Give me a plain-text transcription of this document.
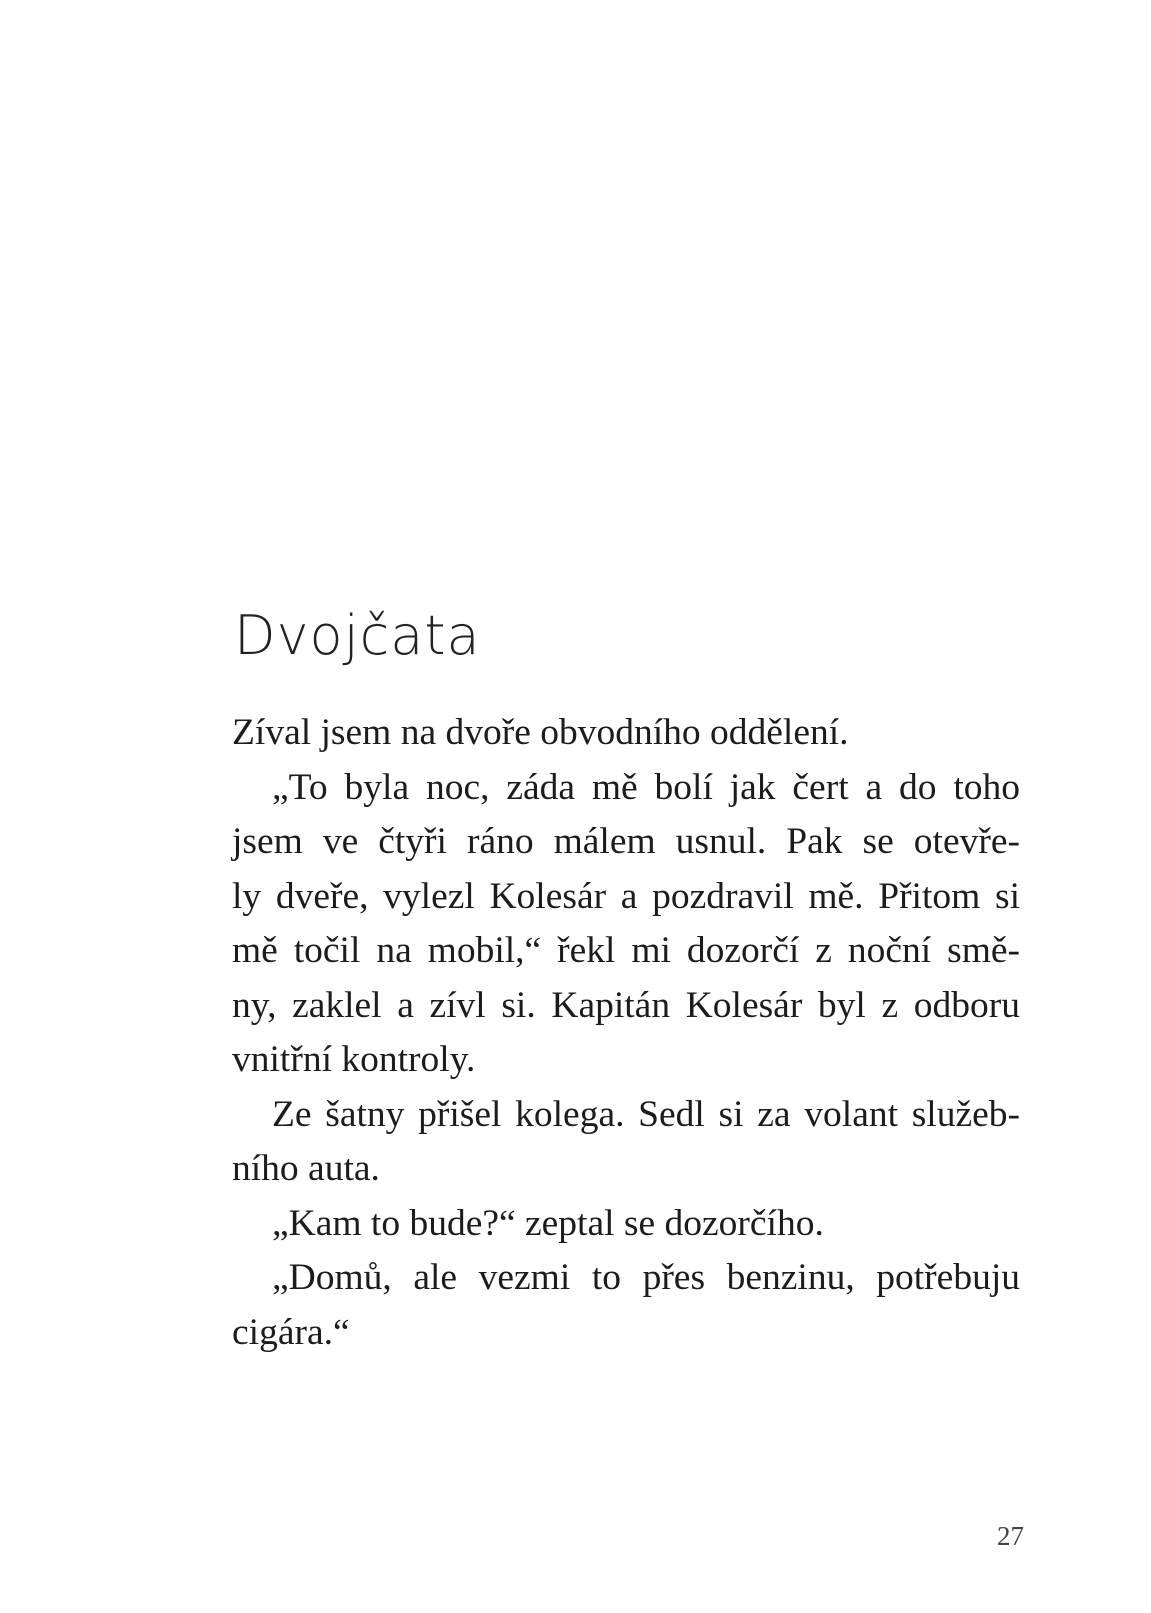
Dvojčata
Zíval jsem na dvoře obvodního oddělení.
„To byla noc, záda mě bolí jak čert a do toho
jsem ve čtyři ráno málem usnul. Pak se otevře-
ly dveře, vylezl Kolesár a pozdravil mě. Přitom si
mě točil na mobil,“ řekl mi dozorčí z noční smě-
ny, zaklel a zívl si. Kapitán Kolesár byl z odboru
vnitřní kontroly.
Ze šatny přišel kolega. Sedl si za volant služeb-
ního auta.
„Kam to bude?“ zeptal se dozorčího.
„Domů, ale vezmi to přes benzinu, potřebuju
cigára.“
27
